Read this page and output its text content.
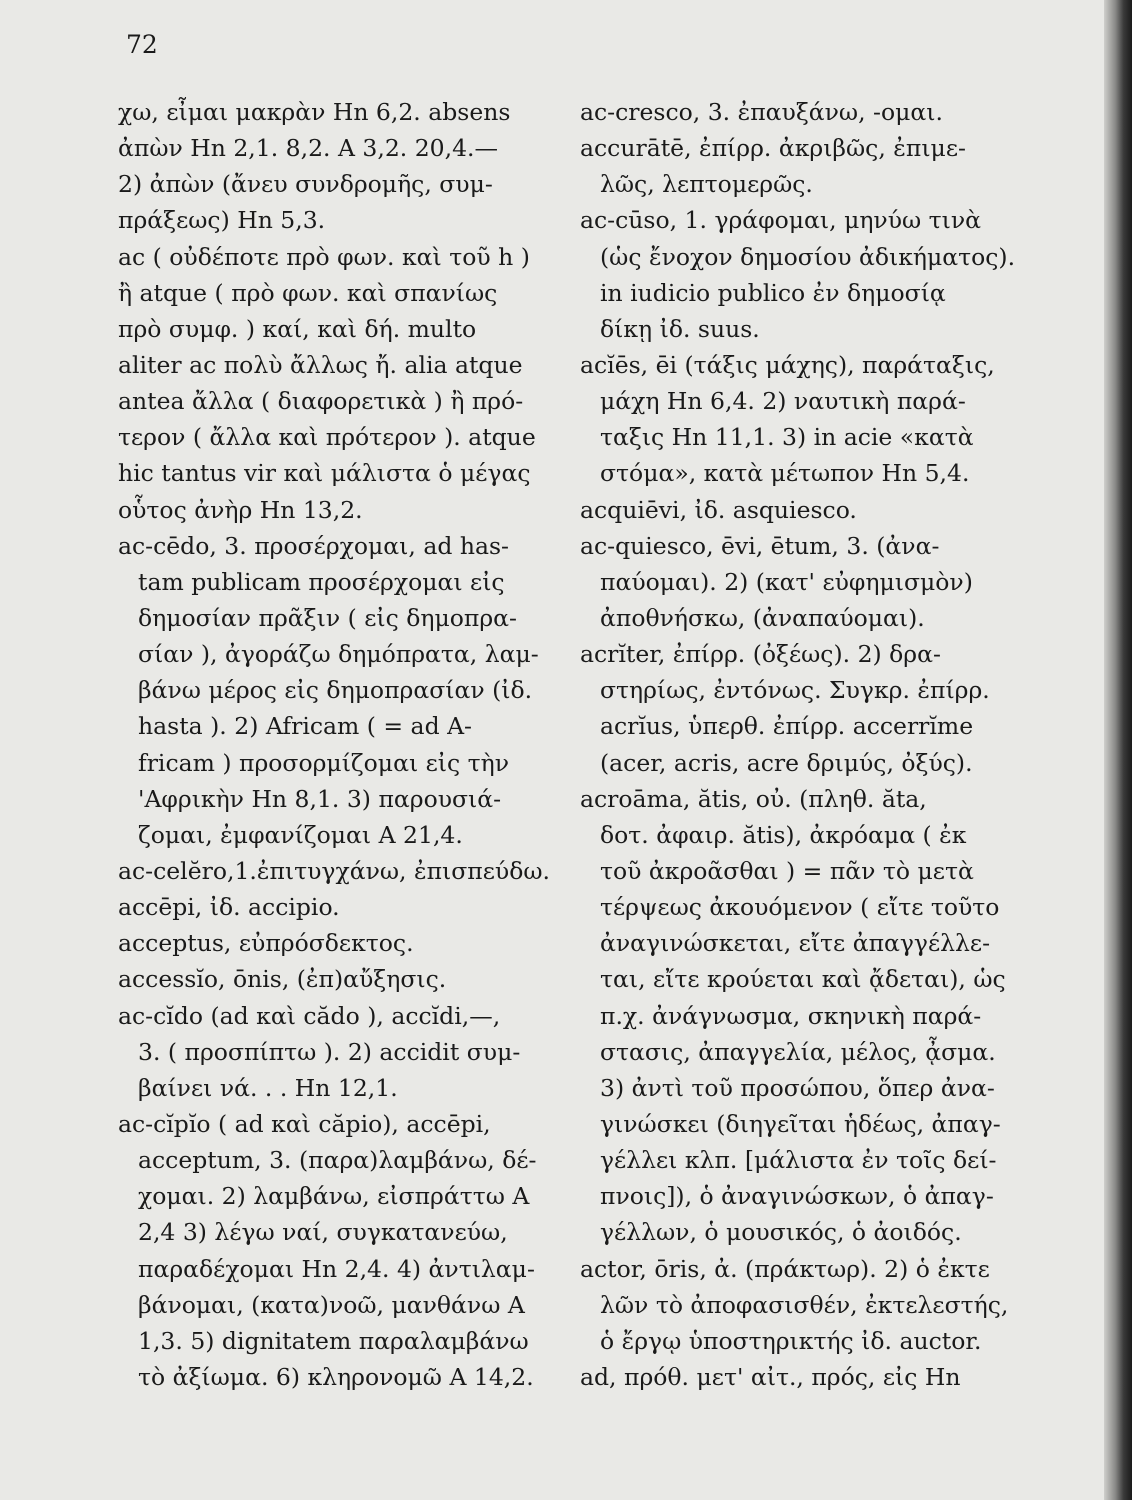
72
χω, εἶμαι μακρὰν Hn 6,2. absens
ἀπὼν Hn 2,1. 8,2. A 3,2. 20,4.—
2) ἀπὼν (ἄνευ συνδρομῆς, συμ-
πράξεως) Hn 5,3.
ac ( οὐδέποτε πρὸ φων. καὶ τοῦ h )
ἢ atque ( πρὸ φων. καὶ σπανίως
πρὸ συμφ. ) καί, καὶ δή. multo
aliter ac πολὺ ἄλλως ἤ. alia atque
antea ἄλλα ( διαφορετικὰ ) ἢ πρό-
τερον ( ἄλλα καὶ πρότερον ). atque
hic tantus vir καὶ μάλιστα ὁ μέγας
οὗτος ἀνὴρ Hn 13,2.
ac-cēdo, 3. προσέρχομαι, ad has-
tam publicam προσέρχομαι εἰς
δημοσίαν πρᾶξιν ( εἰς δημοπρα-
σίαν ), ἀγοράζω δημόπρατα, λαμ-
βάνω μέρος εἰς δημοπρασίαν (ἰδ.
hasta ). 2) Africam ( = ad A-
fricam ) προσορμίζομαι εἰς τὴν
'Αφρικὴν Hn 8,1. 3) παρουσιά-
ζομαι, ἐμφανίζομαι A 21,4.
ac-celĕro,1.ἐπιτυγχάνω, ἐπισπεύδω.
accēpi, ἰδ. accipio.
acceptus, εὐπρόσδεκτος.
accessĭo, ōnis, (ἐπ)αὔξησις.
ac-cĭdo (ad καὶ cădo ), accĭdi,—,
3. ( προσπίπτω ). 2) accidit συμ-
βαίνει νά. . . Hn 12,1.
ac-cĭpĭo ( ad καὶ căpio), accēpi,
acceptum, 3. (παρα)λαμβάνω, δέ-
χομαι. 2) λαμβάνω, εἰσπράττω A
2,4 3) λέγω ναί, συγκατανεύω,
παραδέχομαι Hn 2,4. 4) ἀντιλαμ-
βάνομαι, (κατα)νοῶ, μανθάνω A
1,3. 5) dignitatem παραλαμβάνω
τὸ ἀξίωμα. 6) κληρονομῶ A 14,2.
ac-cresco, 3. ἐπαυξάνω, -ομαι.
accurātē, ἐπίρρ. ἀκριβῶς, ἐπιμε-
λῶς, λεπτομερῶς.
ac-cūso, 1. γράφομαι, μηνύω τινὰ
(ὡς ἔνοχον δημοσίου ἀδικήματος).
in iudicio publico ἐν δημοσίᾳ
δίκῃ ἰδ. suus.
acĭēs, ēi (τάξις μάχης), παράταξις,
μάχη Hn 6,4. 2) ναυτικὴ παρά-
ταξις Hn 11,1. 3) in acie «κατὰ
στόμα», κατὰ μέτωπον Hn 5,4.
acquiēvi, ἰδ. asquiesco.
ac-quiesco, ēvi, ētum, 3. (ἀνα-
παύομαι). 2) (κατ' εὐφημισμὸν)
ἀποθνήσκω, (ἀναπαύομαι).
acrĭter, ἐπίρρ. (ὀξέως). 2) δρα-
στηρίως, ἐντόνως. Συγκρ. ἐπίρρ.
acrĭus, ὑπερθ. ἐπίρρ. accerrĭme
(acer, acris, acre δριμύς, ὀξύς).
acroāma, ătis, οὐ. (πληθ. ăta,
δοτ. ἀφαιρ. ătis), ἀκρόαμα ( ἐκ
τοῦ ἀκροᾶσθαι ) = πᾶν τὸ μετὰ
τέρψεως ἀκουόμενον ( εἴτε τοῦτο
ἀναγινώσκεται, εἴτε ἀπαγγέλλε-
ται, εἴτε κρούεται καὶ ᾄδεται), ὡς
π.χ. ἀνάγνωσμα, σκηνικὴ παρά-
στασις, ἀπαγγελία, μέλος, ᾆσμα.
3) ἀντὶ τοῦ προσώπου, ὅπερ ἀνα-
γινώσκει (διηγεῖται ἡδέως, ἀπαγ-
γέλλει κλπ. [μάλιστα ἐν τοῖς δεί-
πνοις]), ὁ ἀναγινώσκων, ὁ ἀπαγ-
γέλλων, ὁ μουσικός, ὁ ἀοιδός.
actor, ōris, ἀ. (πράκτωρ). 2) ὁ ἐκτε
λῶν τὸ ἀποφασισθέν, ἐκτελεστής,
ὁ ἔργῳ ὑποστηρικτής ἰδ. auctor.
ad, πρόθ. μετ' αἰτ., πρός, εἰς Hn
